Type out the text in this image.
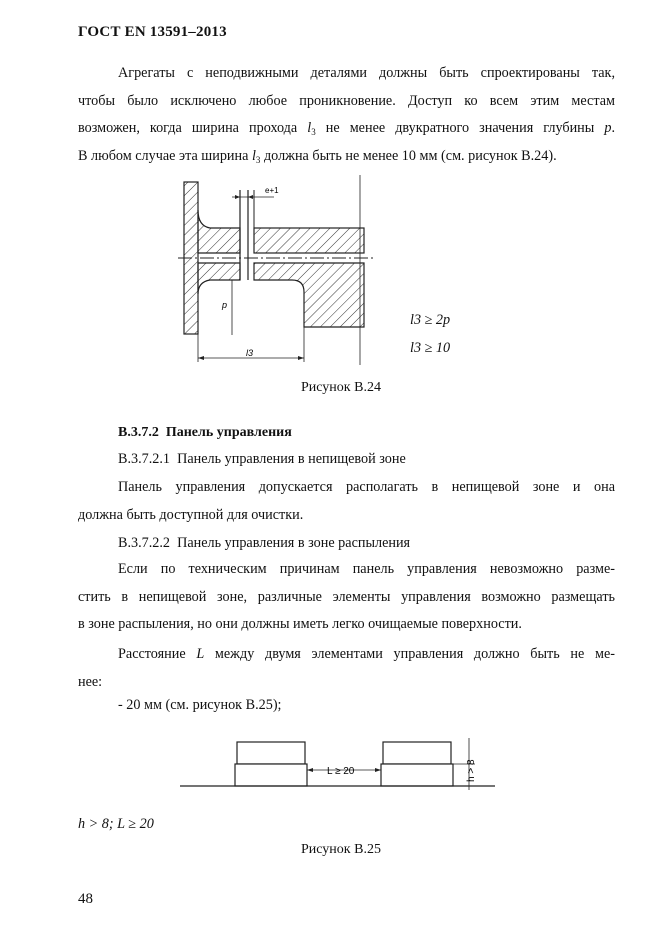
ГОСТ EN 13591–2013
Агрегаты с неподвижными деталями должны быть спроектированы так,
чтобы было исключено любое проникновение. Доступ ко всем этим местам
возможен, когда ширина прохода $l_3$ не менее двукратного значения глубины p.
В любом случае эта ширина $l_3$ должна быть не менее 10 мм (см. рисунок В.24).
e+1
p
l3
l3 ≥ 2p
l3 ≥ 10
Рисунок В.24
В.3.7.2 Панель управления
В.3.7.2.1 Панель управления в непищевой зоне
Панель управления допускается располагать в непищевой зоне и она
должна быть доступной для очистки.
В.3.7.2.2 Панель управления в зоне распыления
Если по техническим причинам панель управления невозможно разме-
стить в непищевой зоне, различные элементы управления возможно размещать
в зоне распыления, но они должны иметь легко очищаемые поверхности.
Расстояние L между двумя элементами управления должно быть не ме-
нее:
- 20 мм (см. рисунок В.25);
L ≥ 20	h > 8
h > 8; L ≥ 20
Рисунок В.25
48
